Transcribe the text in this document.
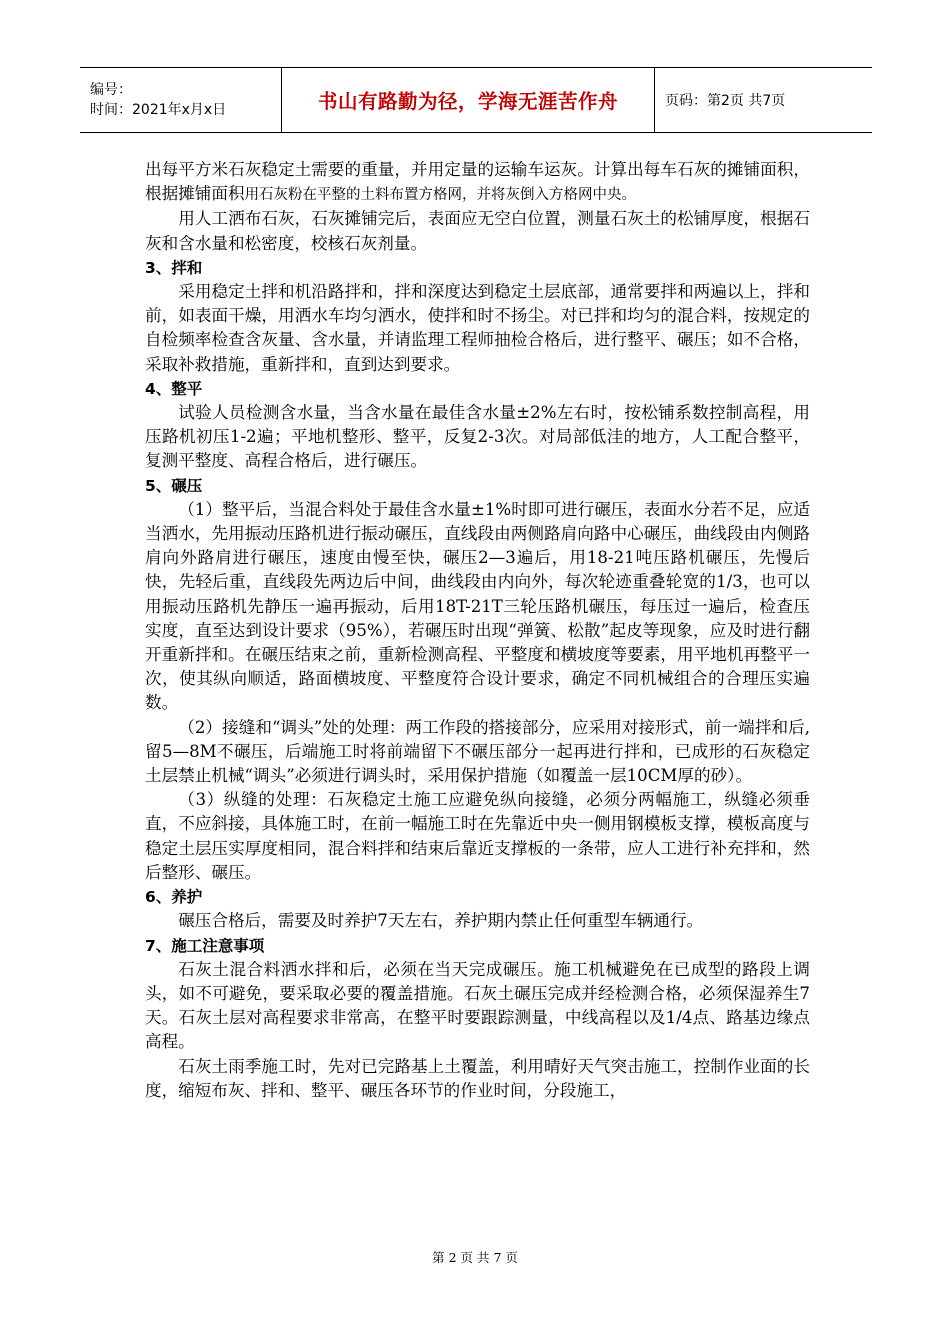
编号：
时间：2021年x月x日	书山有路勤为径，学海无涯苦作舟	页码：第2页 共7页

出每平方米石灰稳定土需要的重量，并用定量的运输车运灰。计算出每车石灰的摊铺面积，根据摊铺面积用石灰粉在平整的土料布置方格网，并将灰倒入方格网中央。

用人工洒布石灰，石灰摊铺完后，表面应无空白位置，测量石灰土的松铺厚度，根据石灰和含水量和松密度，校核石灰剂量。

3、拌和

采用稳定土拌和机沿路拌和，拌和深度达到稳定土层底部，通常要拌和两遍以上，拌和前，如表面干燥，用洒水车均匀洒水，使拌和时不扬尘。对已拌和均匀的混合料，按规定的自检频率检查含灰量、含水量，并请监理工程师抽检合格后，进行整平、碾压；如不合格，采取补救措施，重新拌和，直到达到要求。

4、整平

试验人员检测含水量，当含水量在最佳含水量±2%左右时，按松铺系数控制高程，用压路机初压1-2遍；平地机整形、整平，反复2-3次。对局部低洼的地方，人工配合整平，复测平整度、高程合格后，进行碾压。

5、碾压

（1）整平后，当混合料处于最佳含水量±1%时即可进行碾压，表面水分若不足，应适当洒水，先用振动压路机进行振动碾压，直线段由两侧路肩向路中心碾压，曲线段由内侧路肩向外路肩进行碾压，速度由慢至快，碾压2—3遍后，用18-21吨压路机碾压，先慢后快，先轻后重，直线段先两边后中间，曲线段由内向外，每次轮迹重叠轮宽的1/3，也可以用振动压路机先静压一遍再振动，后用18T-21T三轮压路机碾压，每压过一遍后，检查压实度，直至达到设计要求（95%），若碾压时出现“弹簧、松散”起皮等现象，应及时进行翻开重新拌和。在碾压结束之前，重新检测高程、平整度和横坡度等要素，用平地机再整平一次，使其纵向顺适，路面横坡度、平整度符合设计要求，确定不同机械组合的合理压实遍数。

（2）接缝和“调头”处的处理：两工作段的搭接部分，应采用对接形式，前一端拌和后,留5—8M不碾压，后端施工时将前端留下不碾压部分一起再进行拌和，已成形的石灰稳定土层禁止机械“调头”必须进行调头时，采用保护措施（如覆盖一层10CM厚的砂）。

（3）纵缝的处理：石灰稳定土施工应避免纵向接缝，必须分两幅施工，纵缝必须垂直，不应斜接，具体施工时，在前一幅施工时在先靠近中央一侧用钢模板支撑，模板高度与稳定土层压实厚度相同，混合料拌和结束后靠近支撑板的一条带，应人工进行补充拌和，然后整形、碾压。

6、养护

碾压合格后，需要及时养护7天左右，养护期内禁止任何重型车辆通行。

7、施工注意事项

石灰土混合料洒水拌和后，必须在当天完成碾压。施工机械避免在已成型的路段上调头，如不可避免，要采取必要的覆盖措施。石灰土碾压完成并经检测合格，必须保湿养生7天。石灰土层对高程要求非常高，在整平时要跟踪测量，中线高程以及1/4点、路基边缘点高程。

石灰土雨季施工时，先对已完路基上土覆盖，利用晴好天气突击施工，控制作业面的长度，缩短布灰、拌和、整平、碾压各环节的作业时间，分段施工，

第 2 页 共 7 页
